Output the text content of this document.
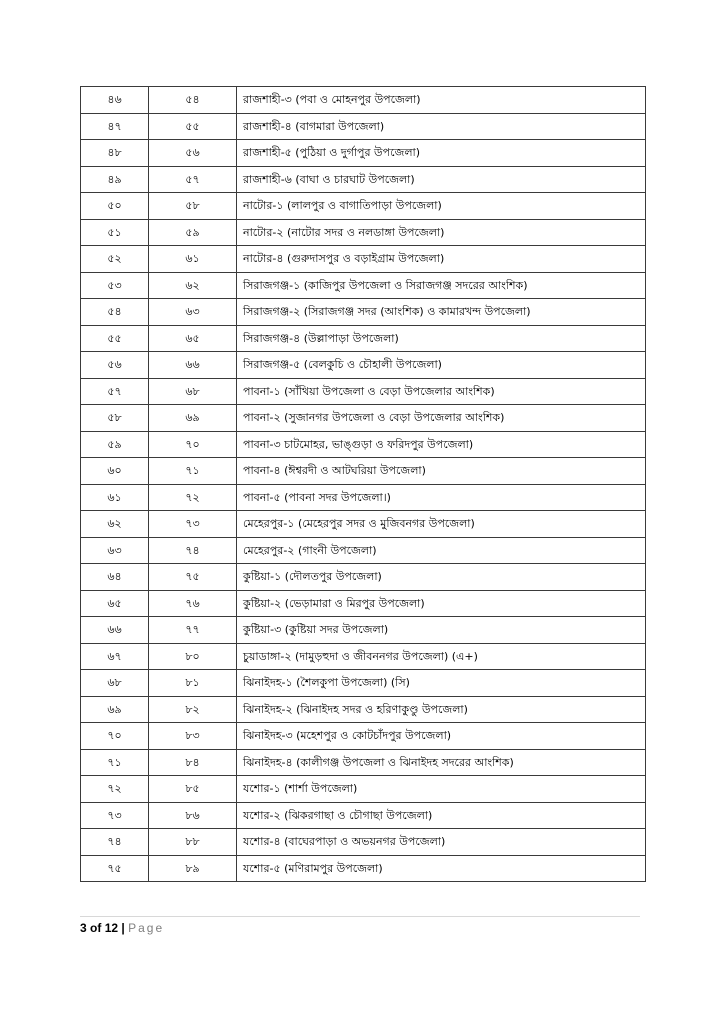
৪৬	৫৪	রাজশাহী-৩ (পবা ও মোহনপুর উপজেলা)
৪৭	৫৫	রাজশাহী-৪ (বাগমারা উপজেলা)
৪৮	৫৬	রাজশাহী-৫ (পুঠিয়া ও দুর্গাপুর উপজেলা)
৪৯	৫৭	রাজশাহী-৬ (বাঘা ও চারঘাট উপজেলা)
৫০	৫৮	নাটোর-১ (লালপুর ও বাগাতিপাড়া উপজেলা)
৫১	৫৯	নাটোর-২ (নাটোর সদর ও নলডাঙ্গা উপজেলা)
৫২	৬১	নাটোর-৪ (গুরুদাসপুর ও বড়াইগ্রাম উপজেলা)
৫৩	৬২	সিরাজগঞ্জ-১ (কাজিপুর উপজেলা ও সিরাজগঞ্জ সদরের আংশিক)
৫৪	৬৩	সিরাজগঞ্জ-২ (সিরাজগঞ্জ সদর (আংশিক) ও কামারখন্দ উপজেলা)
৫৫	৬৫	সিরাজগঞ্জ-৪ (উল্লাপাড়া উপজেলা)
৫৬	৬৬	সিরাজগঞ্জ-৫ (বেলকুচি ও চৌহালী উপজেলা)
৫৭	৬৮	পাবনা-১ (সাঁথিয়া উপজেলা ও বেড়া উপজেলার আংশিক)
৫৮	৬৯	পাবনা-২ (সুজানগর উপজেলা ও বেড়া উপজেলার আংশিক)
৫৯	৭০	পাবনা-৩ চাটমোহর, ভাঙ্গুড়া ও ফরিদপুর উপজেলা)
৬০	৭১	পাবনা-৪ (ঈশ্বরদী ও আটঘরিয়া উপজেলা)
৬১	৭২	পাবনা-৫ (পাবনা সদর উপজেলা।)
৬২	৭৩	মেহেরপুর-১ (মেহেরপুর সদর ও মুজিবনগর উপজেলা)
৬৩	৭৪	মেহেরপুর-২ (গাংনী উপজেলা)
৬৪	৭৫	কুষ্টিয়া-১ (দৌলতপুর উপজেলা)
৬৫	৭৬	কুষ্টিয়া-২ (ভেড়ামারা ও মিরপুর উপজেলা)
৬৬	৭৭	কুষ্টিয়া-৩ (কুষ্টিয়া সদর উপজেলা)
৬৭	৮০	চুয়াডাঙ্গা-২ (দামুড়হুদা ও জীবননগর উপজেলা) (এ+)
৬৮	৮১	ঝিনাইদহ-১ (শৈলকুপা উপজেলা) (সি)
৬৯	৮২	ঝিনাইদহ-২ (ঝিনাইদহ সদর ও হরিণাকুণ্ডু উপজেলা)
৭০	৮৩	ঝিনাইদহ-৩ (মহেশপুর ও কোটচাঁদপুর উপজেলা)
৭১	৮৪	ঝিনাইদহ-৪ (কালীগঞ্জ উপজেলা ও ঝিনাইদহ সদরের আংশিক)
৭২	৮৫	যশোর-১ (শার্শা উপজেলা)
৭৩	৮৬	যশোর-২ (ঝিকরগাছা ও চৌগাছা উপজেলা)
৭৪	৮৮	যশোর-৪ (বাঘেরপাড়া ও অভয়নগর উপজেলা)
৭৫	৮৯	যশোর-৫ (মণিরামপুর উপজেলা)
3 of 12 | Page
